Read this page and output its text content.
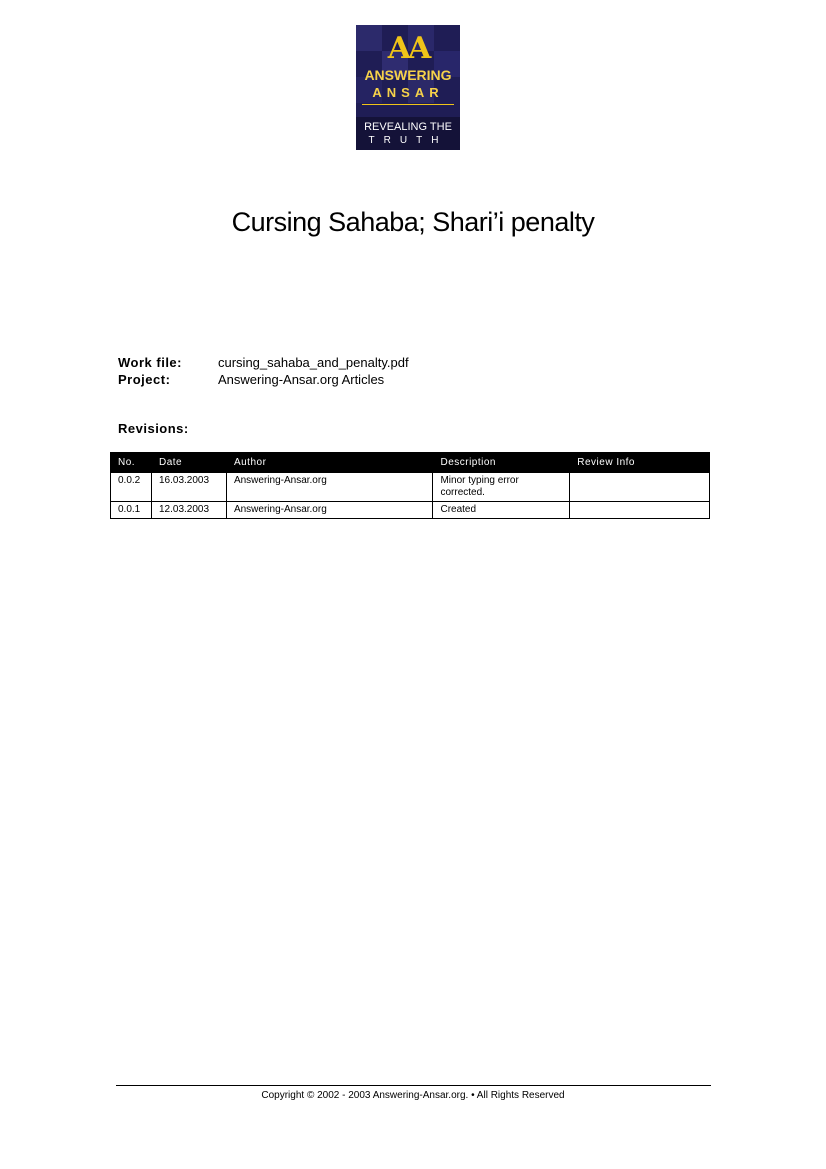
AA
ANSWERING
ANSAR
REVEALING THE
TRUTH
Cursing Sahaba; Shari’i penalty
Work file:	cursing_sahaba_and_penalty.pdf
Project:	Answering-Ansar.org Articles
Revisions:
No.	Date	Author	Description	Review Info
0.0.2	16.03.2003	Answering-Ansar.org	Minor typing error corrected.	
0.0.1	12.03.2003	Answering-Ansar.org	Created	
Copyright © 2002 - 2003 Answering-Ansar.org. • All Rights Reserved
